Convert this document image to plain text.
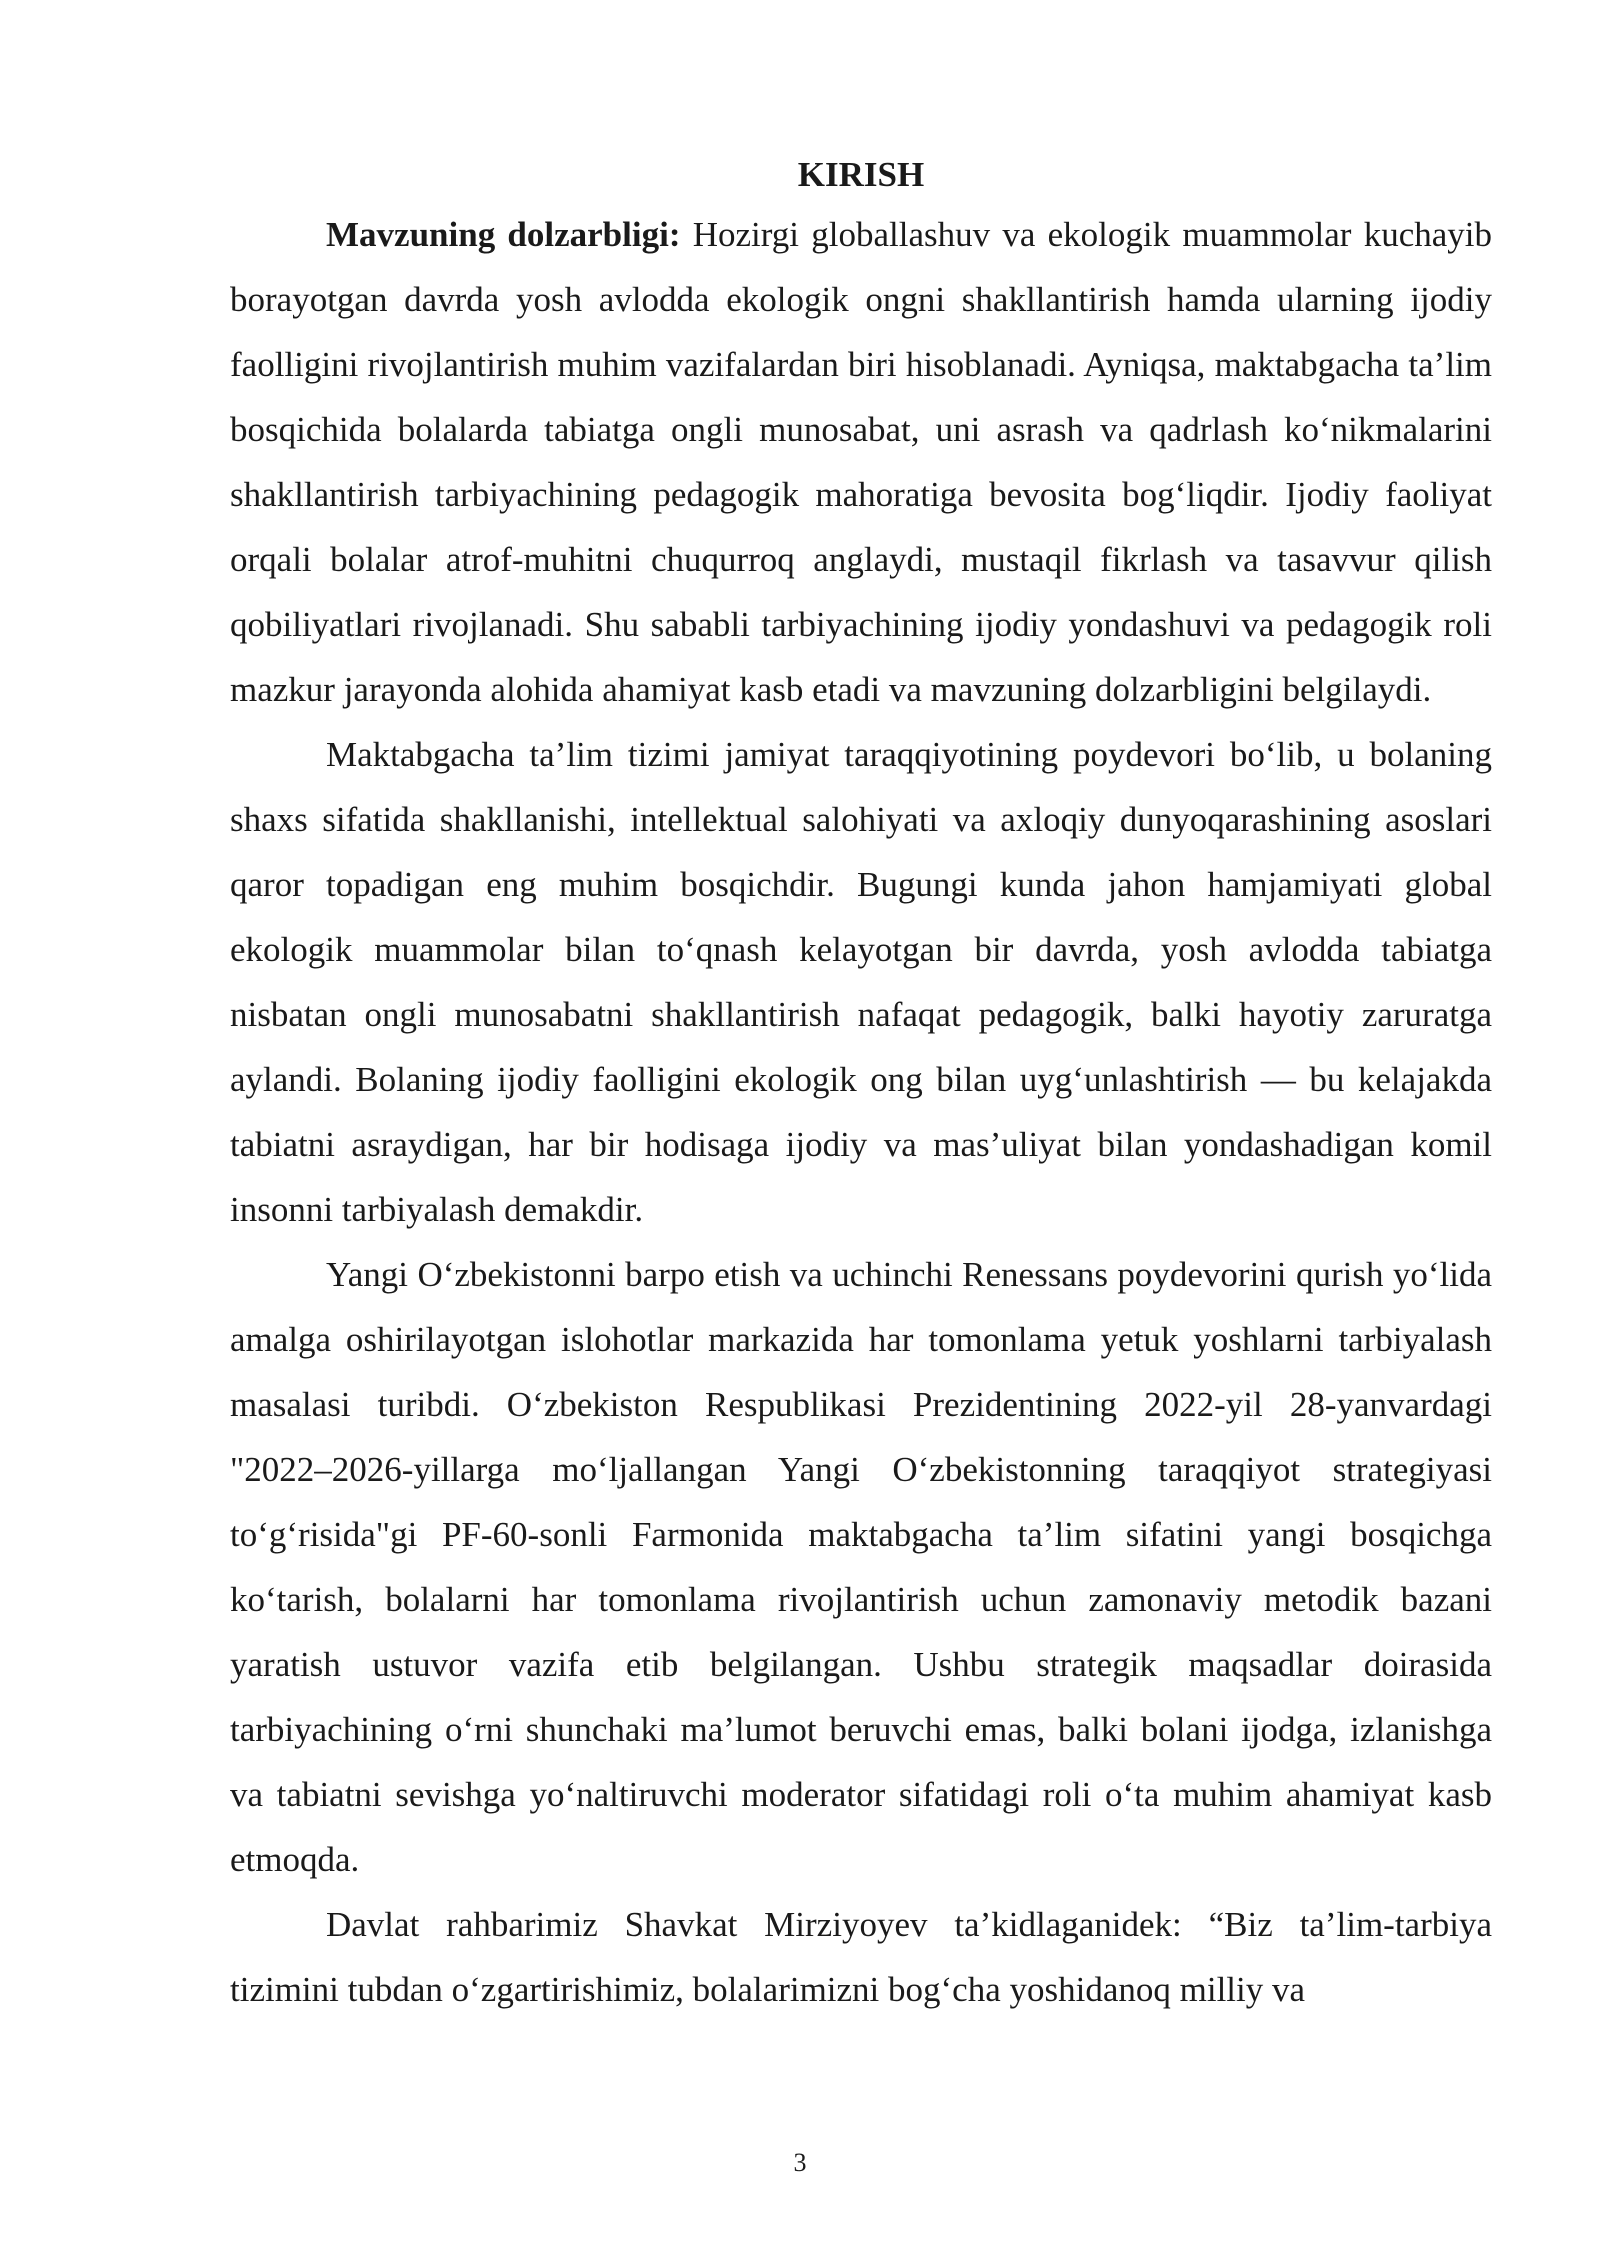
KIRISH

Mavzuning dolzarbligi: Hozirgi globallashuv va ekologik muammolar kuchayib borayotgan davrda yosh avlodda ekologik ongni shakllantirish hamda ularning ijodiy faolligini rivojlantirish muhim vazifalardan biri hisoblanadi. Ayniqsa, maktabgacha ta’lim bosqichida bolalarda tabiatga ongli munosabat, uni asrash va qadrlash ko‘nikmalarini shakllantirish tarbiyachining pedagogik mahoratiga bevosita bog‘liqdir. Ijodiy faoliyat orqali bolalar atrof-muhitni chuqurroq anglaydi, mustaqil fikrlash va tasavvur qilish qobiliyatlari rivojlanadi. Shu sababli tarbiyachining ijodiy yondashuvi va pedagogik roli mazkur jarayonda alohida ahamiyat kasb etadi va mavzuning dolzarbligini belgilaydi.

Maktabgacha ta’lim tizimi jamiyat taraqqiyotining poydevori bo‘lib, u bolaning shaxs sifatida shakllanishi, intellektual salohiyati va axloqiy dunyoqarashining asoslari qaror topadigan eng muhim bosqichdir. Bugungi kunda jahon hamjamiyati global ekologik muammolar bilan to‘qnash kelayotgan bir davrda, yosh avlodda tabiatga nisbatan ongli munosabatni shakllantirish nafaqat pedagogik, balki hayotiy zaruratga aylandi. Bolaning ijodiy faolligini ekologik ong bilan uyg‘unlashtirish — bu kelajakda tabiatni asraydigan, har bir hodisaga ijodiy va mas’uliyat bilan yondashadigan komil insonni tarbiyalash demakdir.

Yangi O‘zbekistonni barpo etish va uchinchi Renessans poydevorini qurish yo‘lida amalga oshirilayotgan islohotlar markazida har tomonlama yetuk yoshlarni tarbiyalash masalasi turibdi. O‘zbekiston Respublikasi Prezidentining 2022-yil 28-yanvardagi "2022–2026-yillarga mo‘ljallangan Yangi O‘zbekistonning taraqqiyot strategiyasi to‘g‘risida"gi PF-60-sonli Farmonida maktabgacha ta’lim sifatini yangi bosqichga ko‘tarish, bolalarni har tomonlama rivojlantirish uchun zamonaviy metodik bazani yaratish ustuvor vazifa etib belgilangan. Ushbu strategik maqsadlar doirasida tarbiyachining o‘rni shunchaki ma’lumot beruvchi emas, balki bolani ijodga, izlanishga va tabiatni sevishga yo‘naltiruvchi moderator sifatidagi roli o‘ta muhim ahamiyat kasb etmoqda.

Davlat rahbarimiz Shavkat Mirziyoyev ta’kidlaganidek: “Biz ta’lim-tarbiya tizimini tubdan o‘zgartirishimiz, bolalarimizni bog‘cha yoshidanoq milliy va

3
